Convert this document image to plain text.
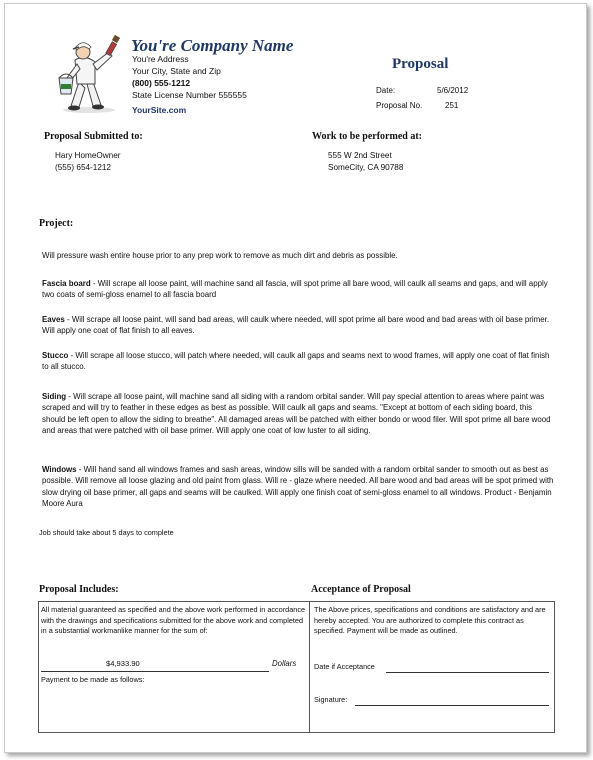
You're Company Name
You're Address
Your City, State and Zip
(800) 555-1212
State License Number 555555
YourSite.com
Proposal
Date:	5/6/2012
Proposal No.	251
Proposal Submitted to:
Hary HomeOwner
(555) 654-1212
Work to be performed at:
555 W 2nd Street
SomeCity, CA 90788
Project:
Will pressure wash entire house prior to any prep work to remove as much dirt and debris as possible.
Fascia board - Will scrape all loose paint, will machine sand all fascia, will spot prime all bare wood, will caulk all seams and gaps, and will apply two coats of semi-gloss enamel to all fascia board
Eaves - Will scrape all loose paint, will sand bad areas, will caulk where needed, will spot prime all bare wood and bad areas with oil base primer. Will apply one coat of flat finish to all eaves.
Stucco - Will scrape all loose stucco, will patch where needed, will caulk all gaps and seams next to wood frames, will apply one coat of flat finish to all stucco.
Siding - Will scrape all loose paint, will machine sand all siding with a random orbital sander. Will pay special attention to areas where paint was scraped and will try to feather in these edges as best as possible. Will caulk all gaps and seams. "Except at bottom of each siding board, this should be left open to allow the siding to breathe". All damaged areas will be patched with either bondo or wood filer. Will spot prime all bare wood and areas that were patched with oil base primer. Will apply one coat of low luster to all siding.
Windows - Will hand sand all windows frames and sash areas, window sills will be sanded with a random orbital sander to smooth out as best as possible. Will remove all loose glazing and old paint from glass. Will re - glaze where needed. All bare wood and bad areas will be spot primed with slow drying oil base primer, all gaps and seams will be caulked. Will apply one finish coat of semi-gloss enamel to all windows. Product - Benjamin Moore Aura
Job should take about 5 days to complete
Proposal Includes:	Acceptance of Proposal
All material guaranteed as specified and the above work performed in accordance with the drawings and specifications submitted for the above work and completed in a substantial workmanlike manner for the sum of:
$4,933.90	Dollars
Payment to be made as follows:
The Above prices, specifications and conditions are satisfactory and are hereby accepted. You are authorized to complete this contract as specified. Payment will be made as outlined.
Date if Acceptance
Signature:
